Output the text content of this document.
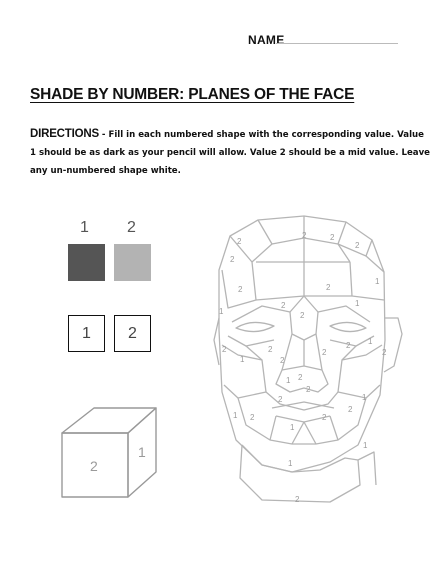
NAME
SHADE BY NUMBER: PLANES OF THE FACE
DIRECTIONS - Fill in each numbered shape with the corresponding value. Value 1 should be as dark as your pencil will allow. Value 2 should be a mid value. Leave any un-numbered shape white.
1 2
1	2
2
1
2
2
2	2
2
2	2
1
1
1
2
2
2
1
2
2
2
2 1
2
1 2
2
2
1 2
1
2
2
1
1
1
2
